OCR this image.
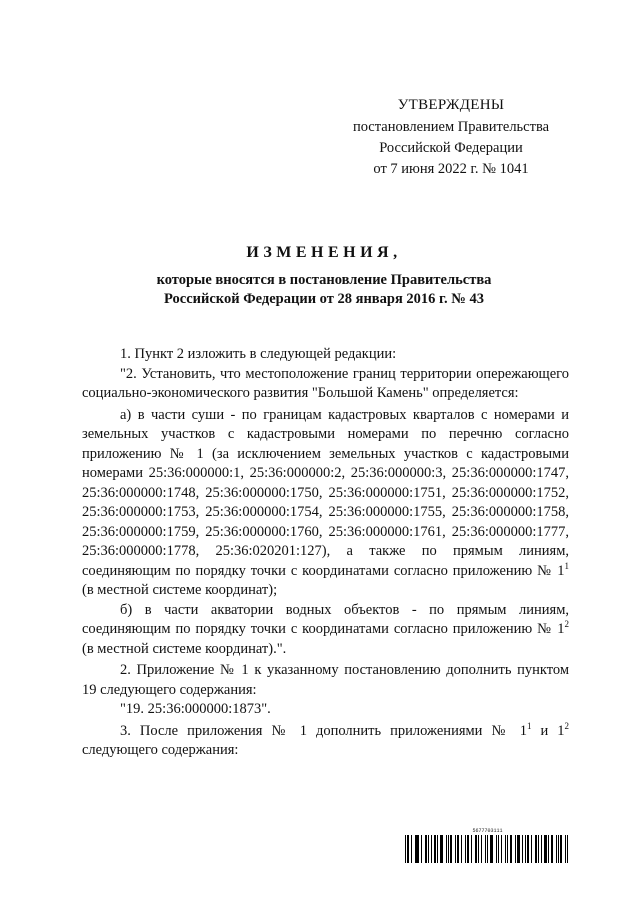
УТВЕРЖДЕНЫ
постановлением Правительства
Российской Федерации
от 7 июня 2022 г. № 1041
ИЗМЕНЕНИЯ,
которые вносятся в постановление Правительства
Российской Федерации от 28 января 2016 г. № 43

1. Пункт 2 изложить в следующей редакции:

"2. Установить, что местоположение границ территории опережающего социально-экономического развития "Большой Камень" определяется:

а) в части суши - по границам кадастровых кварталов с номерами и земельных участков с кадастровыми номерами по перечню согласно приложению № 1 (за исключением земельных участков с кадастровыми номерами 25:36:000000:1, 25:36:000000:2, 25:36:000000:3, 25:36:000000:1747, 25:36:000000:1748, 25:36:000000:1750, 25:36:000000:1751, 25:36:000000:1752, 25:36:000000:1753, 25:36:000000:1754, 25:36:000000:1755, 25:36:000000:1758, 25:36:000000:1759, 25:36:000000:1760, 25:36:000000:1761, 25:36:000000:1777, 25:36:000000:1778, 25:36:020201:127), а также по прямым линиям, соединяющим по порядку точки с координатами согласно приложению № $1^1$ (в местной системе координат);

б) в части акватории водных объектов - по прямым линиям, соединяющим по порядку точки с координатами согласно приложению № $1^2$ (в местной системе координат).".

2. Приложение № 1 к указанному постановлению дополнить пунктом 19 следующего содержания:

"19. 25:36:000000:1873".

3. После приложения № 1 дополнить приложениями № $1^1$ и $1^2$ следующего содержания:

5677703111
